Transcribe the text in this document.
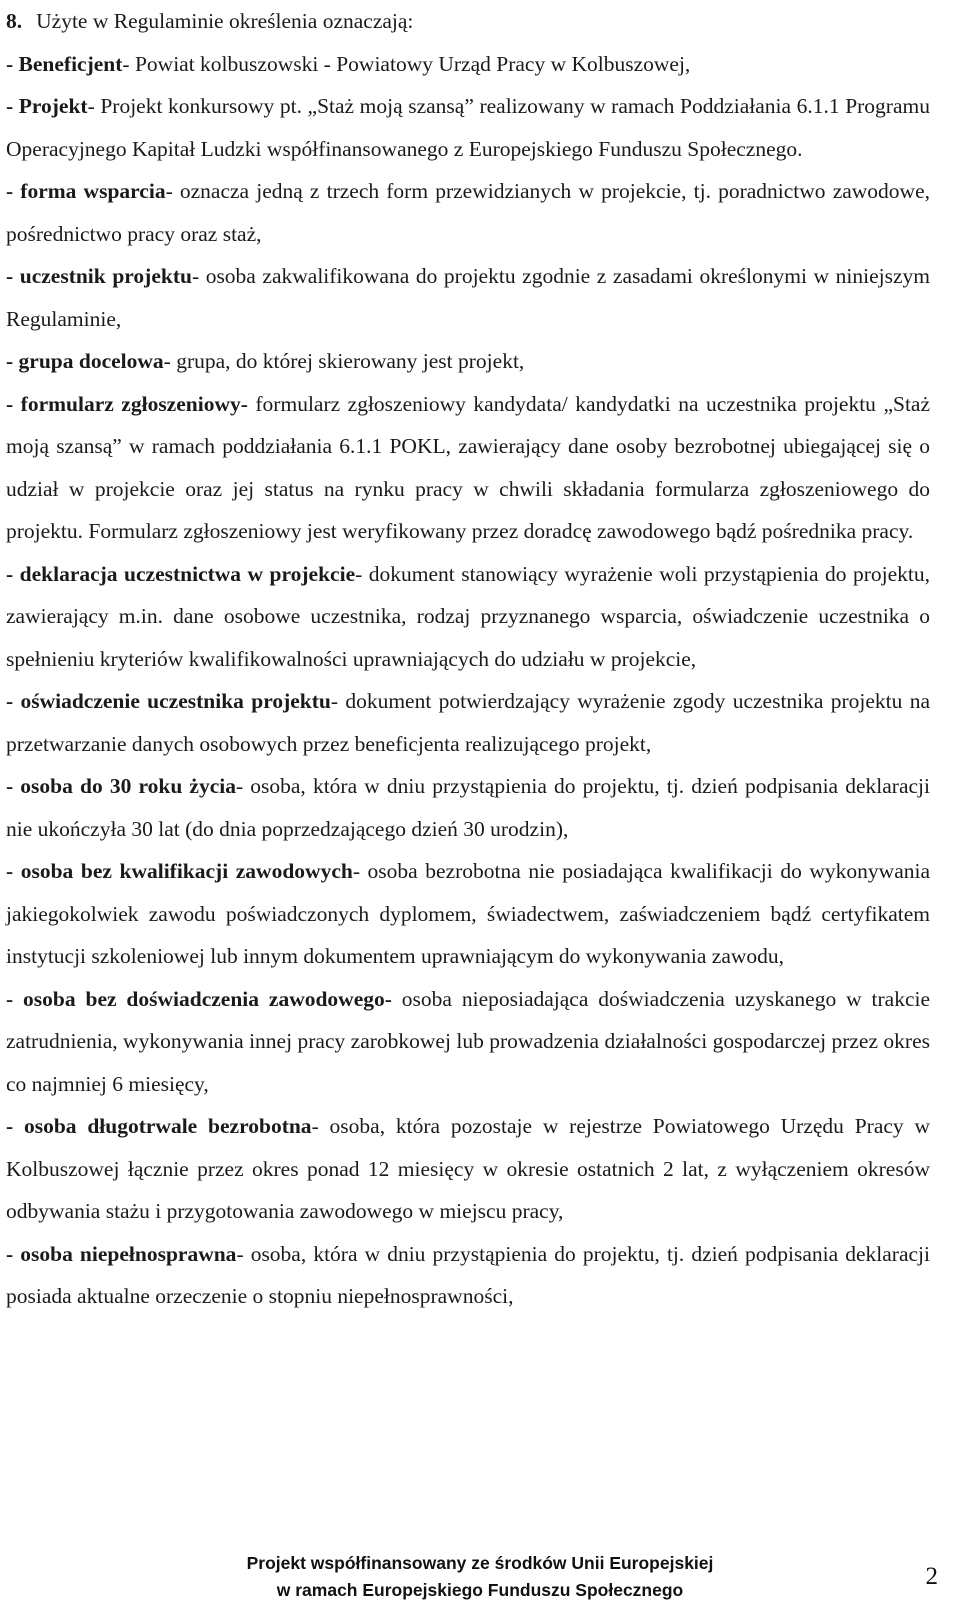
8. Użyte w Regulaminie określenia oznaczają:

- Beneficjent- Powiat kolbuszowski - Powiatowy Urząd Pracy w Kolbuszowej,

- Projekt- Projekt konkursowy pt. „Staż moją szansą” realizowany w ramach Poddziałania 6.1.1 Programu Operacyjnego Kapitał Ludzki współfinansowanego z Europejskiego Funduszu Społecznego.

- forma wsparcia- oznacza jedną z trzech form przewidzianych w projekcie, tj. poradnictwo zawodowe, pośrednictwo pracy oraz staż,

- uczestnik projektu- osoba zakwalifikowana do projektu zgodnie z zasadami określonymi w niniejszym Regulaminie,

- grupa docelowa- grupa, do której skierowany jest projekt,

- formularz zgłoszeniowy- formularz zgłoszeniowy kandydata/ kandydatki na uczestnika projektu „Staż moją szansą” w ramach poddziałania 6.1.1 POKL, zawierający dane osoby bezrobotnej ubiegającej się o udział w projekcie oraz jej status na rynku pracy w chwili składania formularza zgłoszeniowego do projektu. Formularz zgłoszeniowy jest weryfikowany przez doradcę zawodowego bądź pośrednika pracy.

- deklaracja uczestnictwa w projekcie- dokument stanowiący wyrażenie woli przystąpienia do projektu, zawierający m.in. dane osobowe uczestnika, rodzaj przyznanego wsparcia, oświadczenie uczestnika o spełnieniu kryteriów kwalifikowalności uprawniających do udziału w projekcie,

- oświadczenie uczestnika projektu- dokument potwierdzający wyrażenie zgody uczestnika projektu na przetwarzanie danych osobowych przez beneficjenta realizującego projekt,

- osoba do 30 roku życia- osoba, która w dniu przystąpienia do projektu, tj. dzień podpisania deklaracji nie ukończyła 30 lat (do dnia poprzedzającego dzień 30 urodzin),

- osoba bez kwalifikacji zawodowych- osoba bezrobotna nie posiadająca kwalifikacji do wykonywania jakiegokolwiek zawodu poświadczonych dyplomem, świadectwem, zaświadczeniem bądź certyfikatem instytucji szkoleniowej lub innym dokumentem uprawniającym do wykonywania zawodu,

- osoba bez doświadczenia zawodowego- osoba nieposiadająca doświadczenia uzyskanego w trakcie zatrudnienia, wykonywania innej pracy zarobkowej lub prowadzenia działalności gospodarczej przez okres co najmniej 6 miesięcy,

- osoba długotrwale bezrobotna- osoba, która pozostaje w rejestrze Powiatowego Urzędu Pracy w Kolbuszowej łącznie przez okres ponad 12 miesięcy w okresie ostatnich 2 lat, z wyłączeniem okresów odbywania stażu i przygotowania zawodowego w miejscu pracy,

- osoba niepełnosprawna- osoba, która w dniu przystąpienia do projektu, tj. dzień podpisania deklaracji posiada aktualne orzeczenie o stopniu niepełnosprawności,

Projekt współfinansowany ze środków Unii Europejskiej
w ramach Europejskiego Funduszu Społecznego	2
